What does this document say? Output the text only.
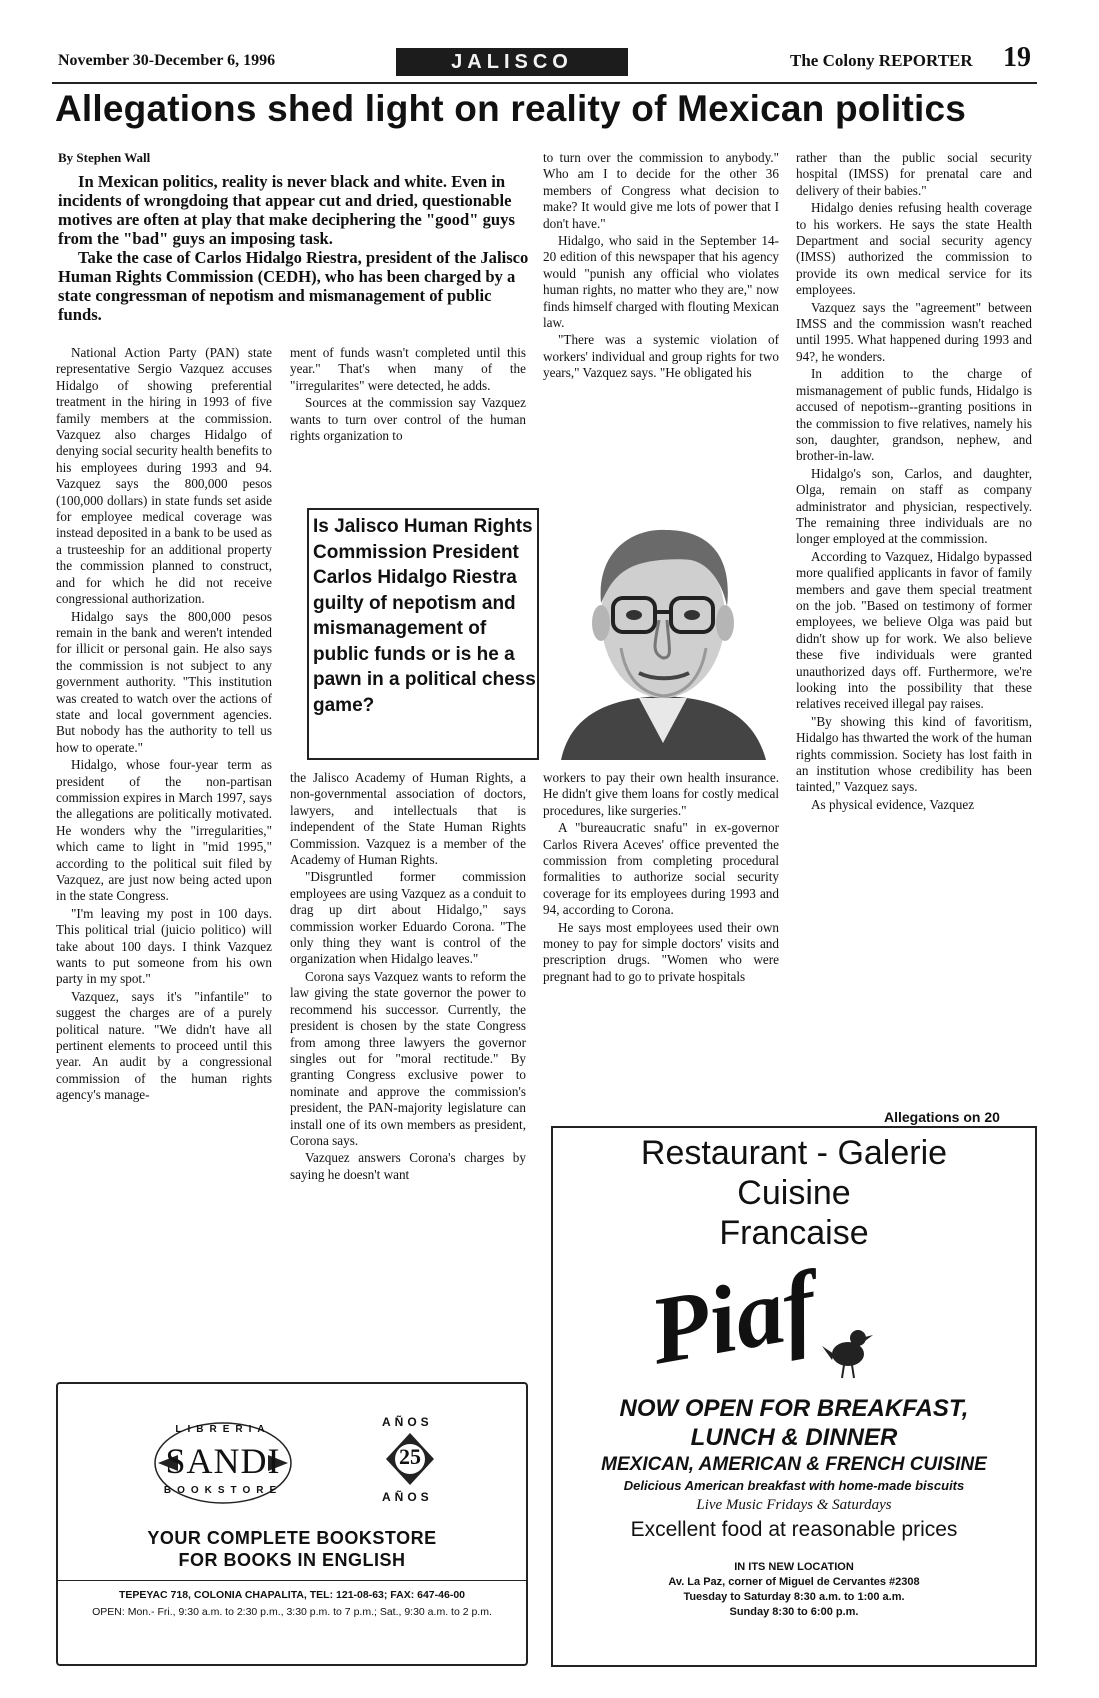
November 30-December 6, 1996	JALISCO	The Colony REPORTER 19
Allegations shed light on reality of Mexican politics
By Stephen Wall

In Mexican politics, reality is never black and white. Even in incidents of wrongdoing that appear cut and dried, questionable motives are often at play that make deciphering the "good" guys from the "bad" guys an imposing task.

Take the case of Carlos Hidalgo Riestra, president of the Jalisco Human Rights Commission (CEDH), who has been charged by a state congressman of nepotism and mismanagement of public funds.

National Action Party (PAN) state representative Sergio Vazquez accuses Hidalgo of showing preferential treatment in the hiring in 1993 of five family members at the commission. Vazquez also charges Hidalgo of denying social security health benefits to his employees during 1993 and 94. Vazquez says the 800,000 pesos (100,000 dollars) in state funds set aside for employee medical coverage was instead deposited in a bank to be used as a trusteeship for an additional property the commission planned to construct, and for which he did not receive congressional authorization.

Hidalgo says the 800,000 pesos remain in the bank and weren't intended for illicit or personal gain. He also says the commission is not subject to any government authority. "This institution was created to watch over the actions of state and local government agencies. But nobody has the authority to tell us how to operate."

Hidalgo, whose four-year term as president of the non-partisan commission expires in March 1997, says the allegations are politically motivated. He wonders why the "irregularities," which came to light in "mid 1995," according to the political suit filed by Vazquez, are just now being acted upon in the state Congress.

"I'm leaving my post in 100 days. This political trial (juicio politico) will take about 100 days. I think Vazquez wants to put someone from his own party in my spot."

Vazquez, says it's "infantile" to suggest the charges are of a purely political nature. "We didn't have all pertinent elements to proceed until this year. An audit by a congressional commission of the human rights agency's manage-

ment of funds wasn't completed until this year." That's when many of the "irregularites" were detected, he adds.

Sources at the commission say Vazquez wants to turn over control of the human rights organization to

to turn over the commission to anybody." Who am I to decide for the other 36 members of Congress what decision to make? It would give me lots of power that I don't have."

Hidalgo, who said in the September 14-20 edition of this newspaper that his agency would "punish any official who violates human rights, no matter who they are," now finds himself charged with flouting Mexican law.

"There was a systemic violation of workers' individual and group rights for two years," Vazquez says. "He obligated his

Is Jalisco Human Rights Commission President Carlos Hidalgo Riestra guilty of nepotism and mismanagement of public funds or is he a pawn in a political chess game?

the Jalisco Academy of Human Rights, a non-governmental association of doctors, lawyers, and intellectuals that is independent of the State Human Rights Commission. Vazquez is a member of the Academy of Human Rights.

"Disgruntled former commission employees are using Vazquez as a conduit to drag up dirt about Hidalgo," says commission worker Eduardo Corona. "The only thing they want is control of the organization when Hidalgo leaves."

Corona says Vazquez wants to reform the law giving the state governor the power to recommend his successor. Currently, the president is chosen by the state Congress from among three lawyers the governor singles out for "moral rectitude." By granting Congress exclusive power to nominate and approve the commission's president, the PAN-majority legislature can install one of its own members as president, Corona says.

Vazquez answers Corona's charges by saying he doesn't want

workers to pay their own health insurance. He didn't give them loans for costly medical procedures, like surgeries."

A "bureaucratic snafu" in ex-governor Carlos Rivera Aceves' office prevented the commission from completing procedural formalities to authorize social security coverage for its employees during 1993 and 94, according to Corona.

He says most employees used their own money to pay for simple doctors' visits and prescription drugs. "Women who were pregnant had to go to private hospitals

rather than the public social security hospital (IMSS) for prenatal care and delivery of their babies."

Hidalgo denies refusing health coverage to his workers. He says the state Health Department and social security agency (IMSS) authorized the commission to provide its own medical service for its employees.

Vazquez says the "agreement" between IMSS and the commission wasn't reached until 1995. What happened during 1993 and 94?, he wonders.

In addition to the charge of mismanagement of public funds, Hidalgo is accused of nepotism--granting positions in the commission to five relatives, namely his son, daughter, grandson, nephew, and brother-in-law.

Hidalgo's son, Carlos, and daughter, Olga, remain on staff as company administrator and physician, respectively. The remaining three individuals are no longer employed at the commission.

According to Vazquez, Hidalgo bypassed more qualified applicants in favor of family members and gave them special treatment on the job. "Based on testimony of former employees, we believe Olga was paid but didn't show up for work. We also believe these five individuals were granted unauthorized days off. Furthermore, we're looking into the possibility that these relatives received illegal pay raises.

"By showing this kind of favoritism, Hidalgo has thwarted the work of the human rights commission. Society has lost faith in an institution whose credibility has been tainted," Vazquez says.

As physical evidence, Vazquez

Allegations on 20
Restaurant - Galerie
Cuisine
Francaise
Piaf
NOW OPEN FOR BREAKFAST,
LUNCH & DINNER
MEXICAN, AMERICAN & FRENCH CUISINE
Delicious American breakfast with home-made biscuits
Live Music Fridays & Saturdays
Excellent food at reasonable prices
IN ITS NEW LOCATION
Av. La Paz, corner of Miguel de Cervantes #2308
Tuesday to Saturday 8:30 a.m. to 1:00 a.m.
Sunday 8:30 to 6:00 p.m.
LIBRERIA
SANDI
BOOKSTORE
AÑOS
25
AÑOS
YOUR COMPLETE BOOKSTORE
FOR BOOKS IN ENGLISH
TEPEYAC 718, COLONIA CHAPALITA, TEL: 121-08-63; FAX: 647-46-00
OPEN: Mon.- Fri., 9:30 a.m. to 2:30 p.m., 3:30 p.m. to 7 p.m.; Sat., 9:30 a.m. to 2 p.m.
